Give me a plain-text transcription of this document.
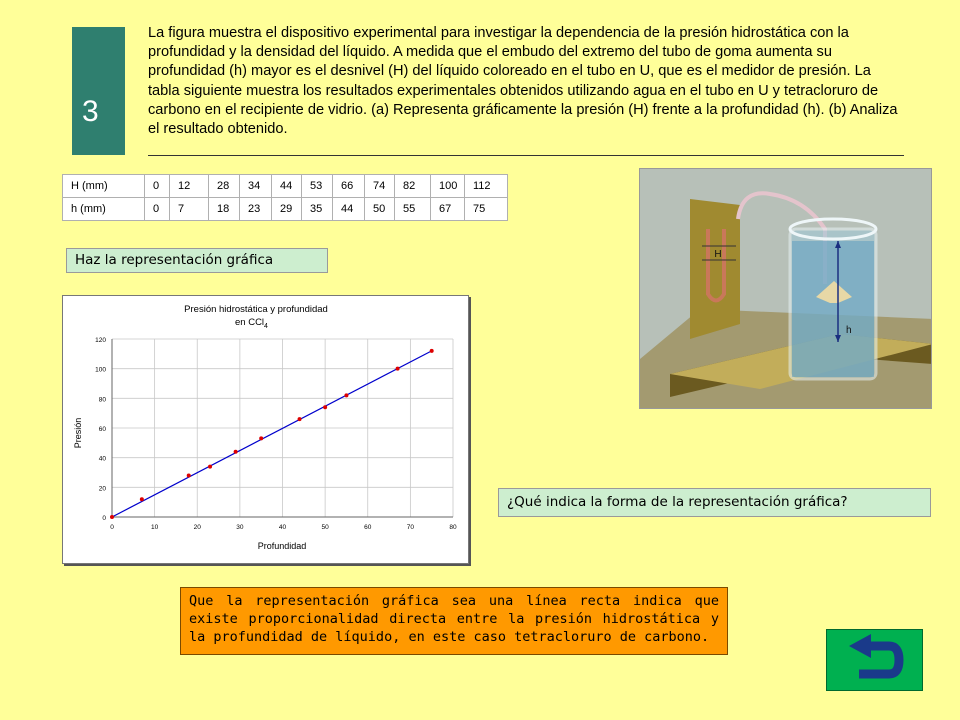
3

La figura muestra el dispositivo experimental para investigar la dependencia de la presión hidrostática con la profundidad y la densidad del líquido. A medida que el embudo del extremo del tubo de goma aumenta su profundidad (h) mayor es el desnivel (H) del líquido coloreado en el tubo en U, que es el medidor de presión. La tabla siguiente muestra los resultados experimentales obtenidos utilizando agua en el tubo en U y tetracloruro de carbono en el recipiente de vidrio. (a) Representa gráficamente la presión (H) frente a la profundidad (h). (b) Analiza el resultado obtenido.

H (mm)	0	12	28	34	44	53	66	74	82	100	112
h (mm)	0	7	18	23	29	35	44	50	55	67	75
Haz la representación gráfica
Presión hidrostática y profundidad
en CCl$_4$
Profundidad
Presión
0
20
40
60
80
100
120
0	10	20	30	40	50	60	70	80
H
h
¿Qué indica la forma de la representación gráfica?
Que la representación gráfica sea una línea recta indica que existe proporcionalidad directa entre la presión hidrostática y la profundidad de líquido, en este caso tetracloruro de carbono.
